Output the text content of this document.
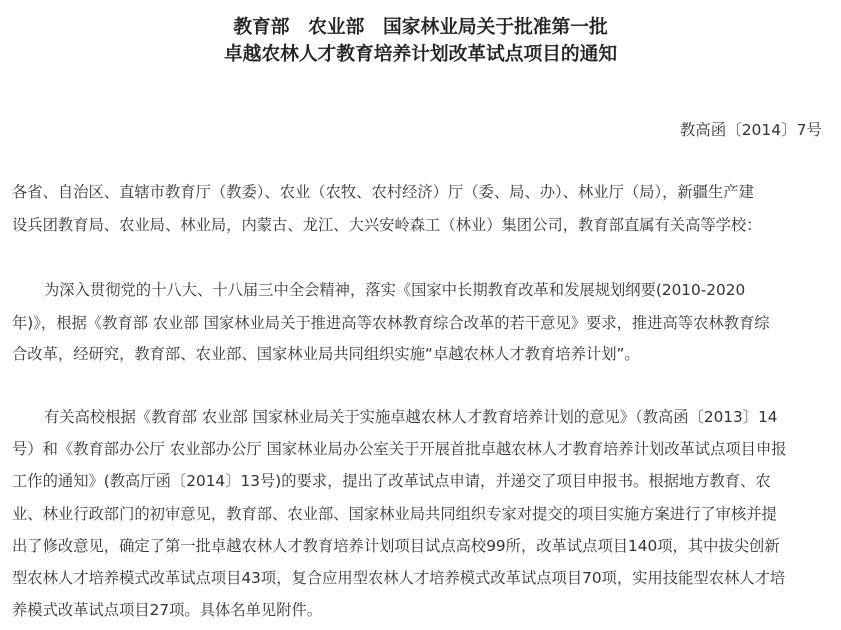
教育部　农业部　国家林业局关于批准第一批
卓越农林人才教育培养计划改革试点项目的通知
教高函〔2014〕7号
各省、自治区、直辖市教育厅（教委）、农业（农牧、农村经济）厅（委、局、办）、林业厅（局），新疆生产建
设兵团教育局、农业局、林业局，内蒙古、龙江、大兴安岭森工（林业）集团公司，教育部直属有关高等学校：
为深入贯彻党的十八大、十八届三中全会精神，落实《国家中长期教育改革和发展规划纲要(2010-2020
年)》，根据《教育部 农业部 国家林业局关于推进高等农林教育综合改革的若干意见》要求，推进高等农林教育综
合改革，经研究，教育部、农业部、国家林业局共同组织实施“卓越农林人才教育培养计划”。
有关高校根据《教育部 农业部 国家林业局关于实施卓越农林人才教育培养计划的意见》（教高函〔2013〕14
号）和《教育部办公厅 农业部办公厅 国家林业局办公室关于开展首批卓越农林人才教育培养计划改革试点项目申报
工作的通知》(教高厅函〔2014〕13号)的要求，提出了改革试点申请，并递交了项目申报书。根据地方教育、农
业、林业行政部门的初审意见，教育部、农业部、国家林业局共同组织专家对提交的项目实施方案进行了审核并提
出了修改意见，确定了第一批卓越农林人才教育培养计划项目试点高校99所，改革试点项目140项，其中拔尖创新
型农林人才培养模式改革试点项目43项，复合应用型农林人才培养模式改革试点项目70项，实用技能型农林人才培
养模式改革试点项目27项。具体名单见附件。
